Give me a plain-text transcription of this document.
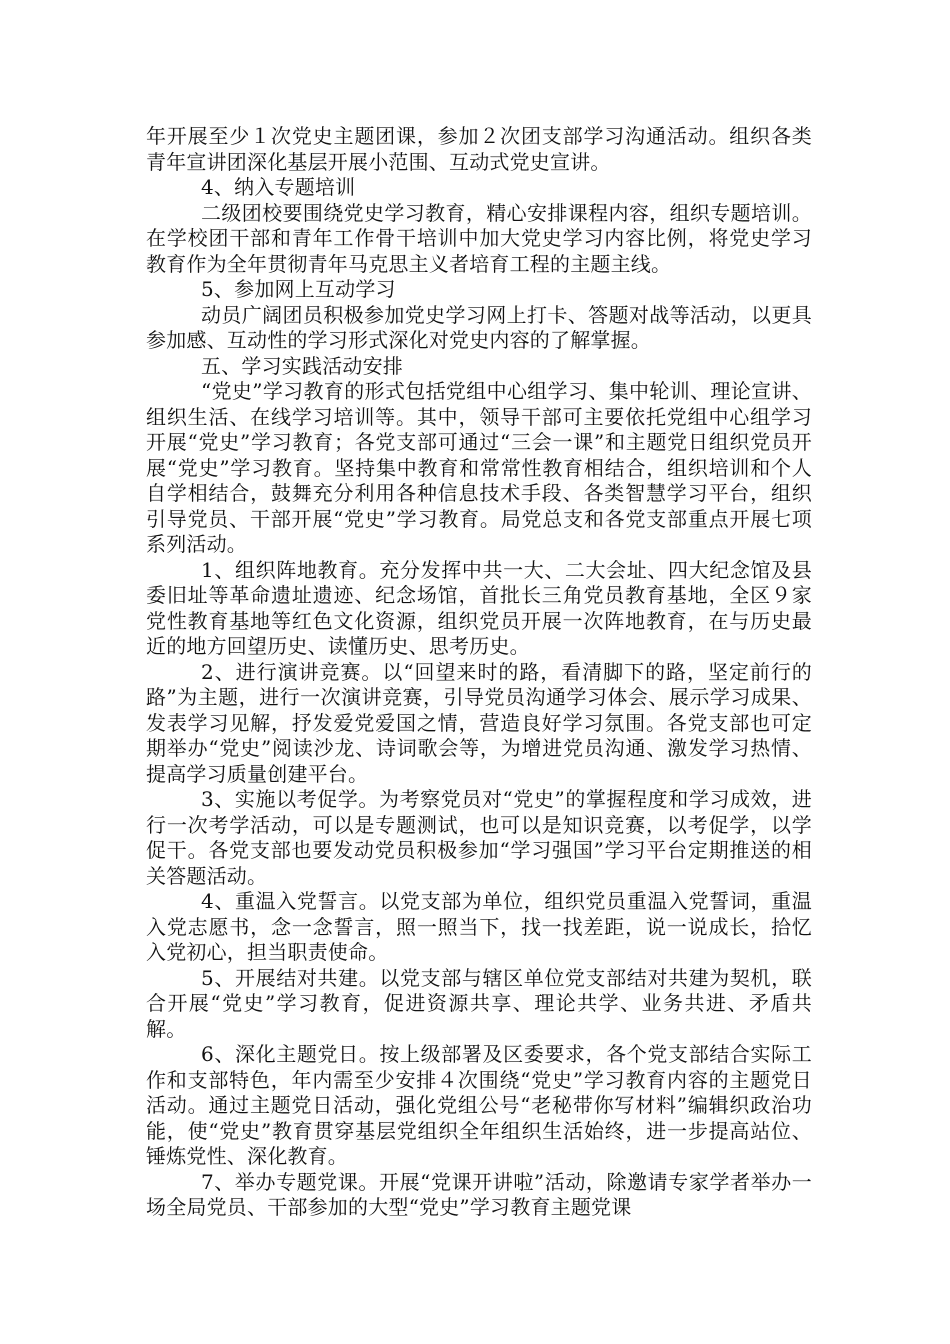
年开展至少１次党史主题团课，参加２次团支部学习沟通活动。组织各类青年宣讲团深化基层开展小范围、互动式党史宣讲。

4、纳入专题培训

二级团校要围绕党史学习教育，精心安排课程内容，组织专题培训。在学校团干部和青年工作骨干培训中加大党史学习内容比例，将党史学习教育作为全年贯彻青年马克思主义者培育工程的主题主线。

5、参加网上互动学习

动员广阔团员积极参加党史学习网上打卡、答题对战等活动，以更具参加感、互动性的学习形式深化对党史内容的了解掌握。

五、学习实践活动安排

“党史”学习教育的形式包括党组中心组学习、集中轮训、理论宣讲、组织生活、在线学习培训等。其中，领导干部可主要依托党组中心组学习开展“党史”学习教育；各党支部可通过“三会一课”和主题党日组织党员开展“党史”学习教育。坚持集中教育和常常性教育相结合，组织培训和个人自学相结合，鼓舞充分利用各种信息技术手段、各类智慧学习平台，组织引导党员、干部开展“党史”学习教育。局党总支和各党支部重点开展七项系列活动。

1、组织阵地教育。充分发挥中共一大、二大会址、四大纪念馆及县委旧址等革命遗址遗迹、纪念场馆，首批长三角党员教育基地，全区９家党性教育基地等红色文化资源，组织党员开展一次阵地教育，在与历史最近的地方回望历史、读懂历史、思考历史。

2、进行演讲竞赛。以“回望来时的路，看清脚下的路，坚定前行的路”为主题，进行一次演讲竞赛，引导党员沟通学习体会、展示学习成果、发表学习见解，抒发爱党爱国之情，营造良好学习氛围。各党支部也可定期举办“党史”阅读沙龙、诗词歌会等，为增进党员沟通、激发学习热情、提高学习质量创建平台。

3、实施以考促学。为考察党员对“党史”的掌握程度和学习成效，进行一次考学活动，可以是专题测试，也可以是知识竞赛，以考促学，以学促干。各党支部也要发动党员积极参加“学习强国”学习平台定期推送的相关答题活动。

4、重温入党誓言。以党支部为单位，组织党员重温入党誓词，重温入党志愿书，念一念誓言，照一照当下，找一找差距，说一说成长，拾忆入党初心，担当职责使命。

5、开展结对共建。以党支部与辖区单位党支部结对共建为契机，联合开展“党史”学习教育，促进资源共享、理论共学、业务共进、矛盾共解。

6、深化主题党日。按上级部署及区委要求，各个党支部结合实际工作和支部特色，年内需至少安排４次围绕“党史”学习教育内容的主题党日活动。通过主题党日活动，强化党组公号“老秘带你写材料”编辑织政治功能，使“党史”教育贯穿基层党组织全年组织生活始终，进一步提高站位、锤炼党性、深化教育。

7、举办专题党课。开展“党课开讲啦”活动，除邀请专家学者举办一场全局党员、干部参加的大型“党史”学习教育主题党课
